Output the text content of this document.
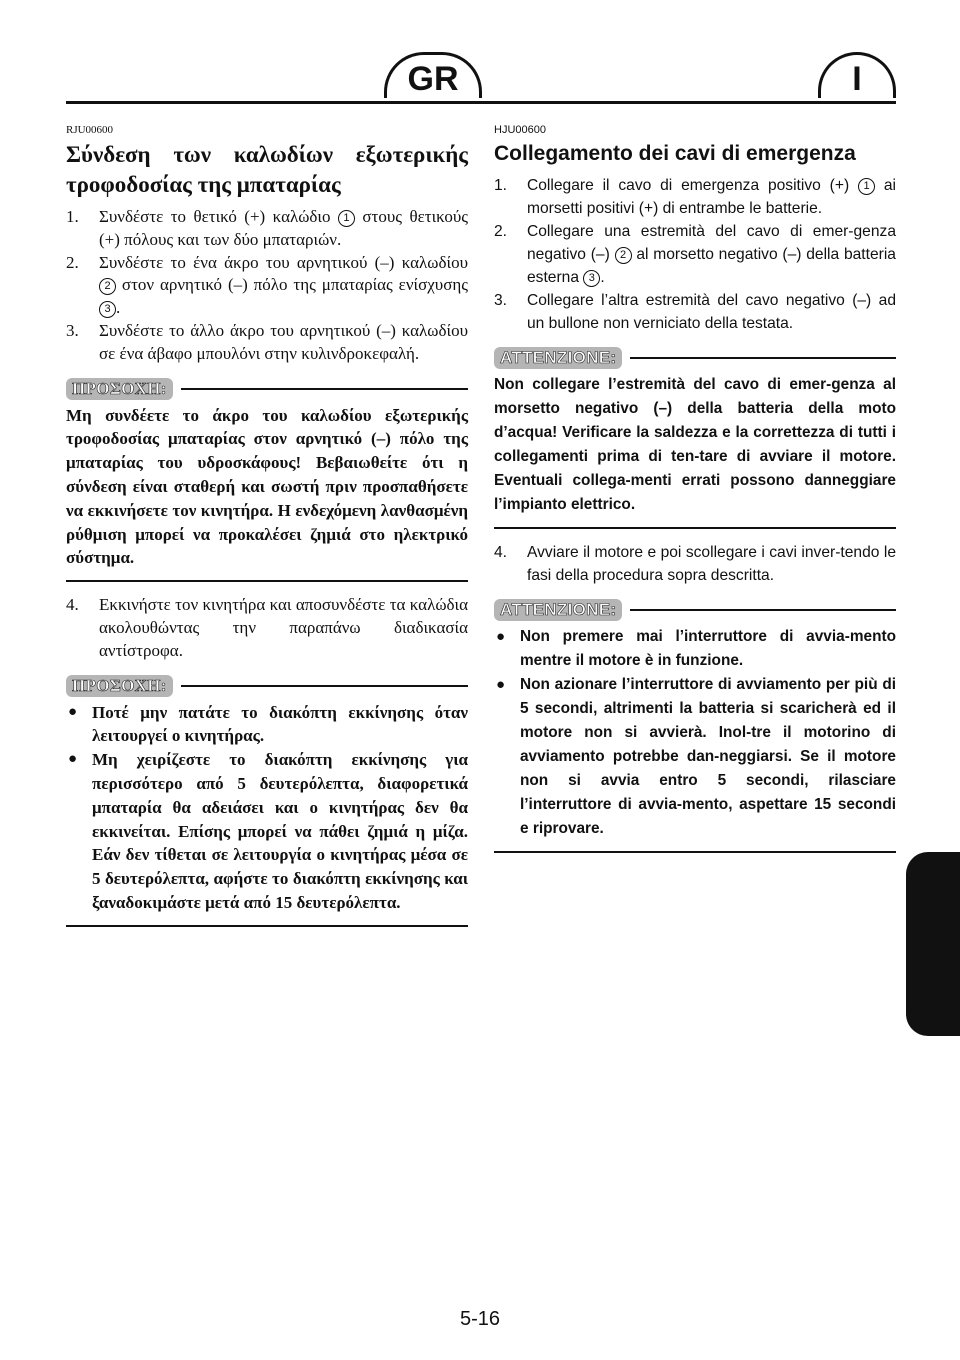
GR	I
RJU00600
Σύνδεση των καλωδίων εξωτερικής τροφοδοσίας της μπαταρίας
1. Συνδέστε το θετικό (+) καλώδιο 1 στους θετικούς (+) πόλους και των δύο μπαταριών.
2. Συνδέστε το ένα άκρο του αρνητικού (–) καλωδίου 2 στον αρνητικό (–) πόλο της μπαταρίας ενίσχυσης 3 .
3. Συνδέστε το άλλο άκρο του αρνητικού (–) καλωδίου σε ένα άβαφο μπουλόνι στην κυλινδροκεφαλή.
ΠΡΟΣΟΧΗ:
Μη συνδέετε το άκρο του καλωδίου εξωτερικής τροφοδοσίας μπαταρίας στον αρνητικό (–) πόλο της μπαταρίας του υδροσκάφους! Βεβαιωθείτε ότι η σύνδεση είναι σταθερή και σωστή πριν προσπαθήσετε να εκκινήσετε τον κινητήρα. Η ενδεχόμενη λανθασμένη ρύθμιση μπορεί να προκαλέσει ζημιά στο ηλεκτρικό σύστημα.
4. Εκκινήστε τον κινητήρα και αποσυνδέστε τα καλώδια ακολουθώντας την παραπάνω διαδικασία αντίστροφα.
ΠΡΟΣΟΧΗ:
● Ποτέ μην πατάτε το διακόπτη εκκίνησης όταν λειτουργεί ο κινητήρας.
● Μη χειρίζεστε το διακόπτη εκκίνησης για περισσότερο από 5 δευτερόλεπτα, διαφορετικά μπαταρία θα αδειάσει και ο κινητήρας δεν θα εκκινείται. Επίσης μπορεί να πάθει ζημιά η μίζα. Εάν δεν τίθεται σε λειτουργία ο κινητήρας μέσα σε 5 δευτερόλεπτα, αφήστε το διακόπτη εκκίνησης και ξαναδοκιμάστε μετά από 15 δευτερόλεπτα.
HJU00600
Collegamento dei cavi di emergenza
1. Collegare il cavo di emergenza positivo (+) 1 ai morsetti positivi (+) di entrambe le batterie.
2. Collegare una estremità del cavo di emer-genza negativo (–) 2 al morsetto negativo (–) della batteria esterna 3 .
3. Collegare l’altra estremità del cavo negativo (–) ad un bullone non verniciato della testata.
ATTENZIONE:
Non collegare l’estremità del cavo di emer-genza al morsetto negativo (–) della batteria della moto d’acqua! Verificare la saldezza e la correttezza di tutti i collegamenti prima di ten-tare di avviare il motore. Eventuali collega-menti errati possono danneggiare l’impianto elettrico.
4. Avviare il motore e poi scollegare i cavi inver-tendo le fasi della procedura sopra descritta.
ATTENZIONE:
● Non premere mai l’interruttore di avvia-mento mentre il motore è in funzione.
● Non azionare l’interruttore di avviamento per più di 5 secondi, altrimenti la batteria si scaricherà ed il motore non si avvierà. Inol-tre il motorino di avviamento potrebbe dan-neggiarsi. Se il motore non si avvia entro 5 secondi, rilasciare l’interruttore di avvia-mento, aspettare 15 secondi e riprovare.
5-16
